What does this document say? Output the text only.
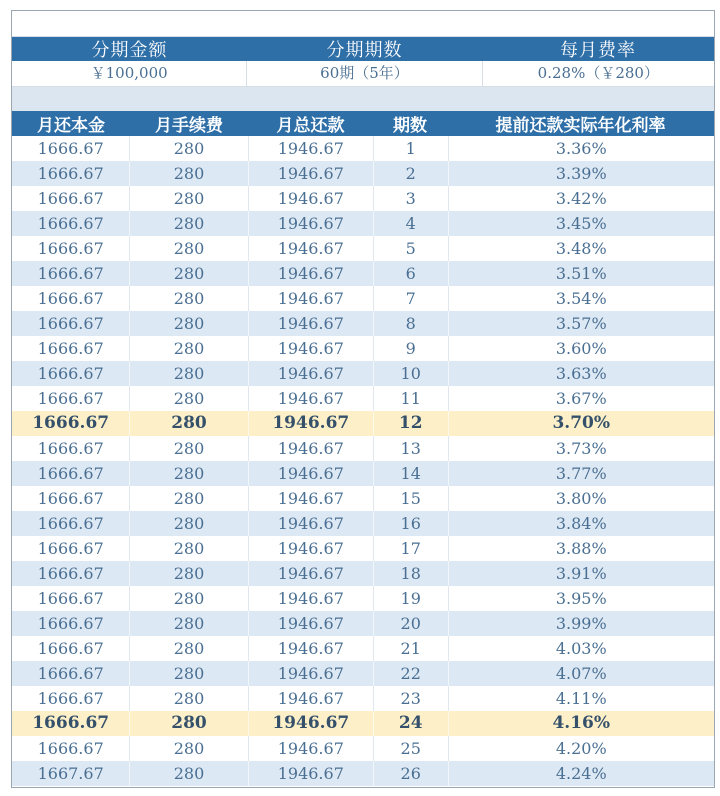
分期金额	分期期数	每月费率
￥100,000	60期（5年）	0.28%（￥280）
月还本金	月手续费	月总还款	期数	提前还款实际年化利率
1666.67	280	1946.67	1	3.36%
1666.67	280	1946.67	2	3.39%
1666.67	280	1946.67	3	3.42%
1666.67	280	1946.67	4	3.45%
1666.67	280	1946.67	5	3.48%
1666.67	280	1946.67	6	3.51%
1666.67	280	1946.67	7	3.54%
1666.67	280	1946.67	8	3.57%
1666.67	280	1946.67	9	3.60%
1666.67	280	1946.67	10	3.63%
1666.67	280	1946.67	11	3.67%
1666.67	280	1946.67	12	3.70%
1666.67	280	1946.67	13	3.73%
1666.67	280	1946.67	14	3.77%
1666.67	280	1946.67	15	3.80%
1666.67	280	1946.67	16	3.84%
1666.67	280	1946.67	17	3.88%
1666.67	280	1946.67	18	3.91%
1666.67	280	1946.67	19	3.95%
1666.67	280	1946.67	20	3.99%
1666.67	280	1946.67	21	4.03%
1666.67	280	1946.67	22	4.07%
1666.67	280	1946.67	23	4.11%
1666.67	280	1946.67	24	4.16%
1666.67	280	1946.67	25	4.20%
1667.67	280	1946.67	26	4.24%
